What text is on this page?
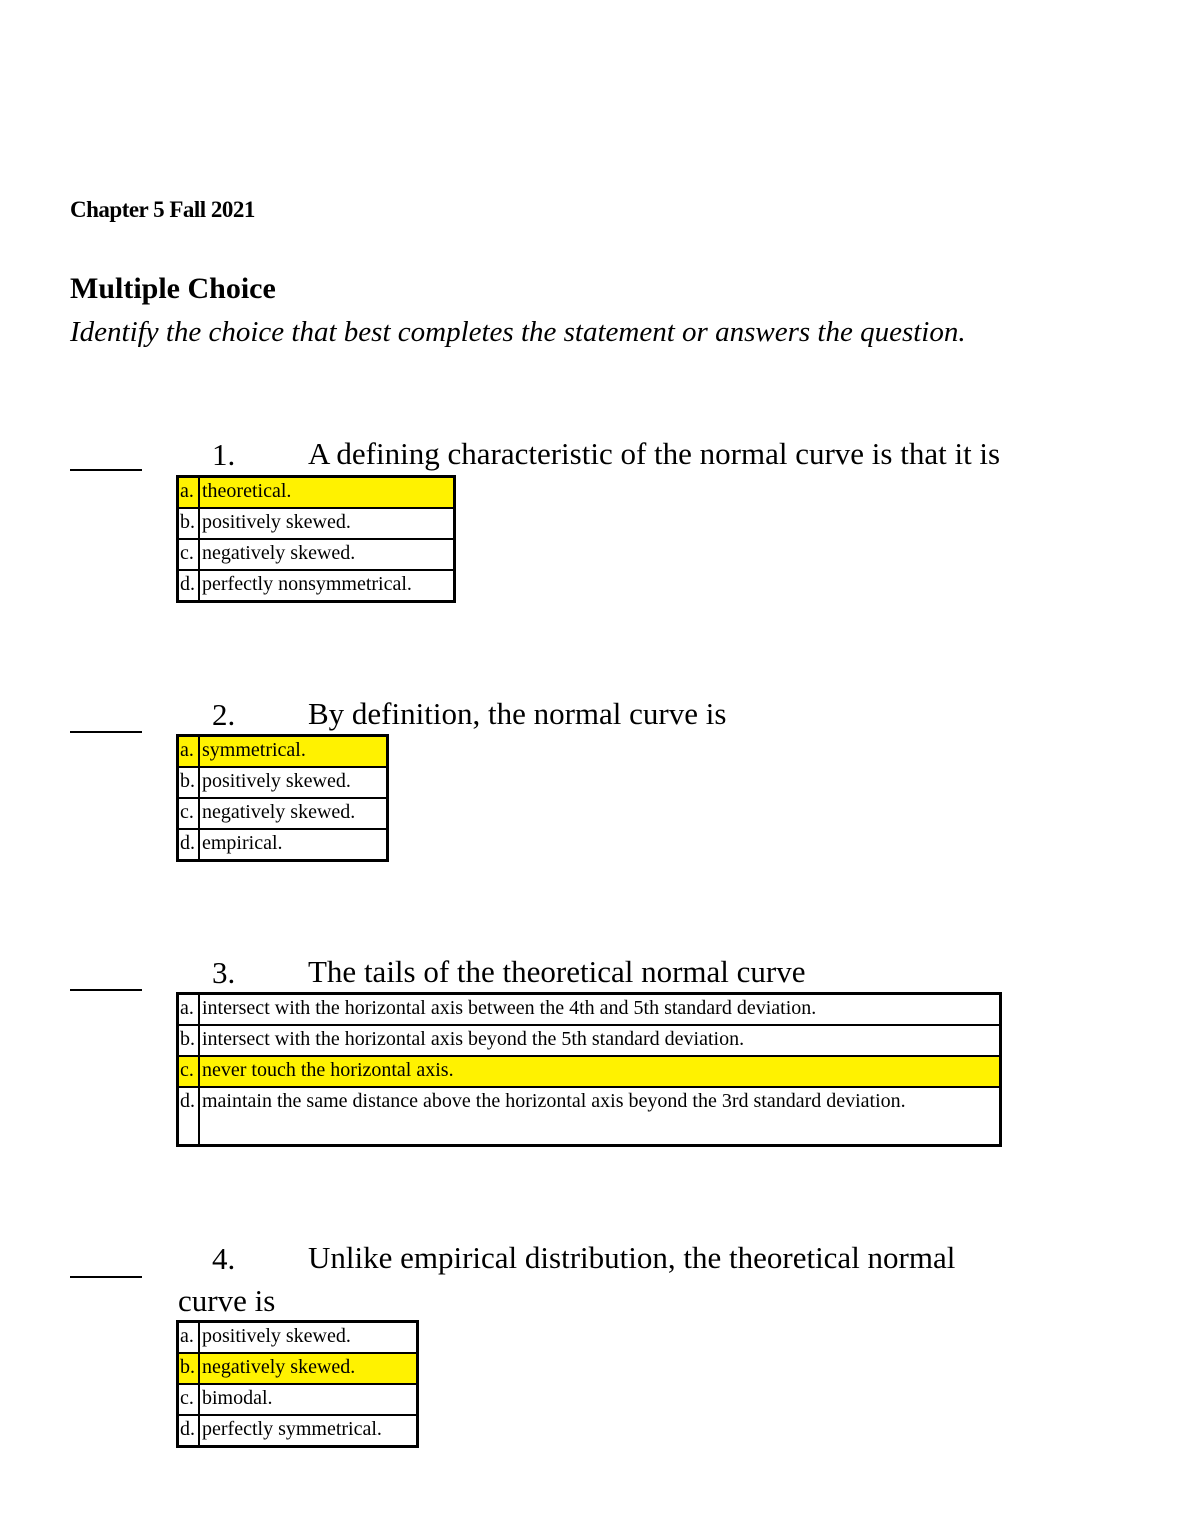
Chapter 5 Fall 2021
Multiple Choice
Identify the choice that best completes the statement or answers the question.
1. A defining characteristic of the normal curve is that it is
a.	theoretical.
b.	positively skewed.
c.	negatively skewed.
d.	perfectly nonsymmetrical.
2. By definition, the normal curve is
a.	symmetrical.
b.	positively skewed.
c.	negatively skewed.
d.	empirical.
3. The tails of the theoretical normal curve
a.	intersect with the horizontal axis between the 4th and 5th standard deviation.
b.	intersect with the horizontal axis beyond the 5th standard deviation.
c.	never touch the horizontal axis.
d.	maintain the same distance above the horizontal axis beyond the 3rd standard deviation.
4. Unlike empirical distribution, the theoretical normal
curve is
a.	positively skewed.
b.	negatively skewed.
c.	bimodal.
d.	perfectly symmetrical.
